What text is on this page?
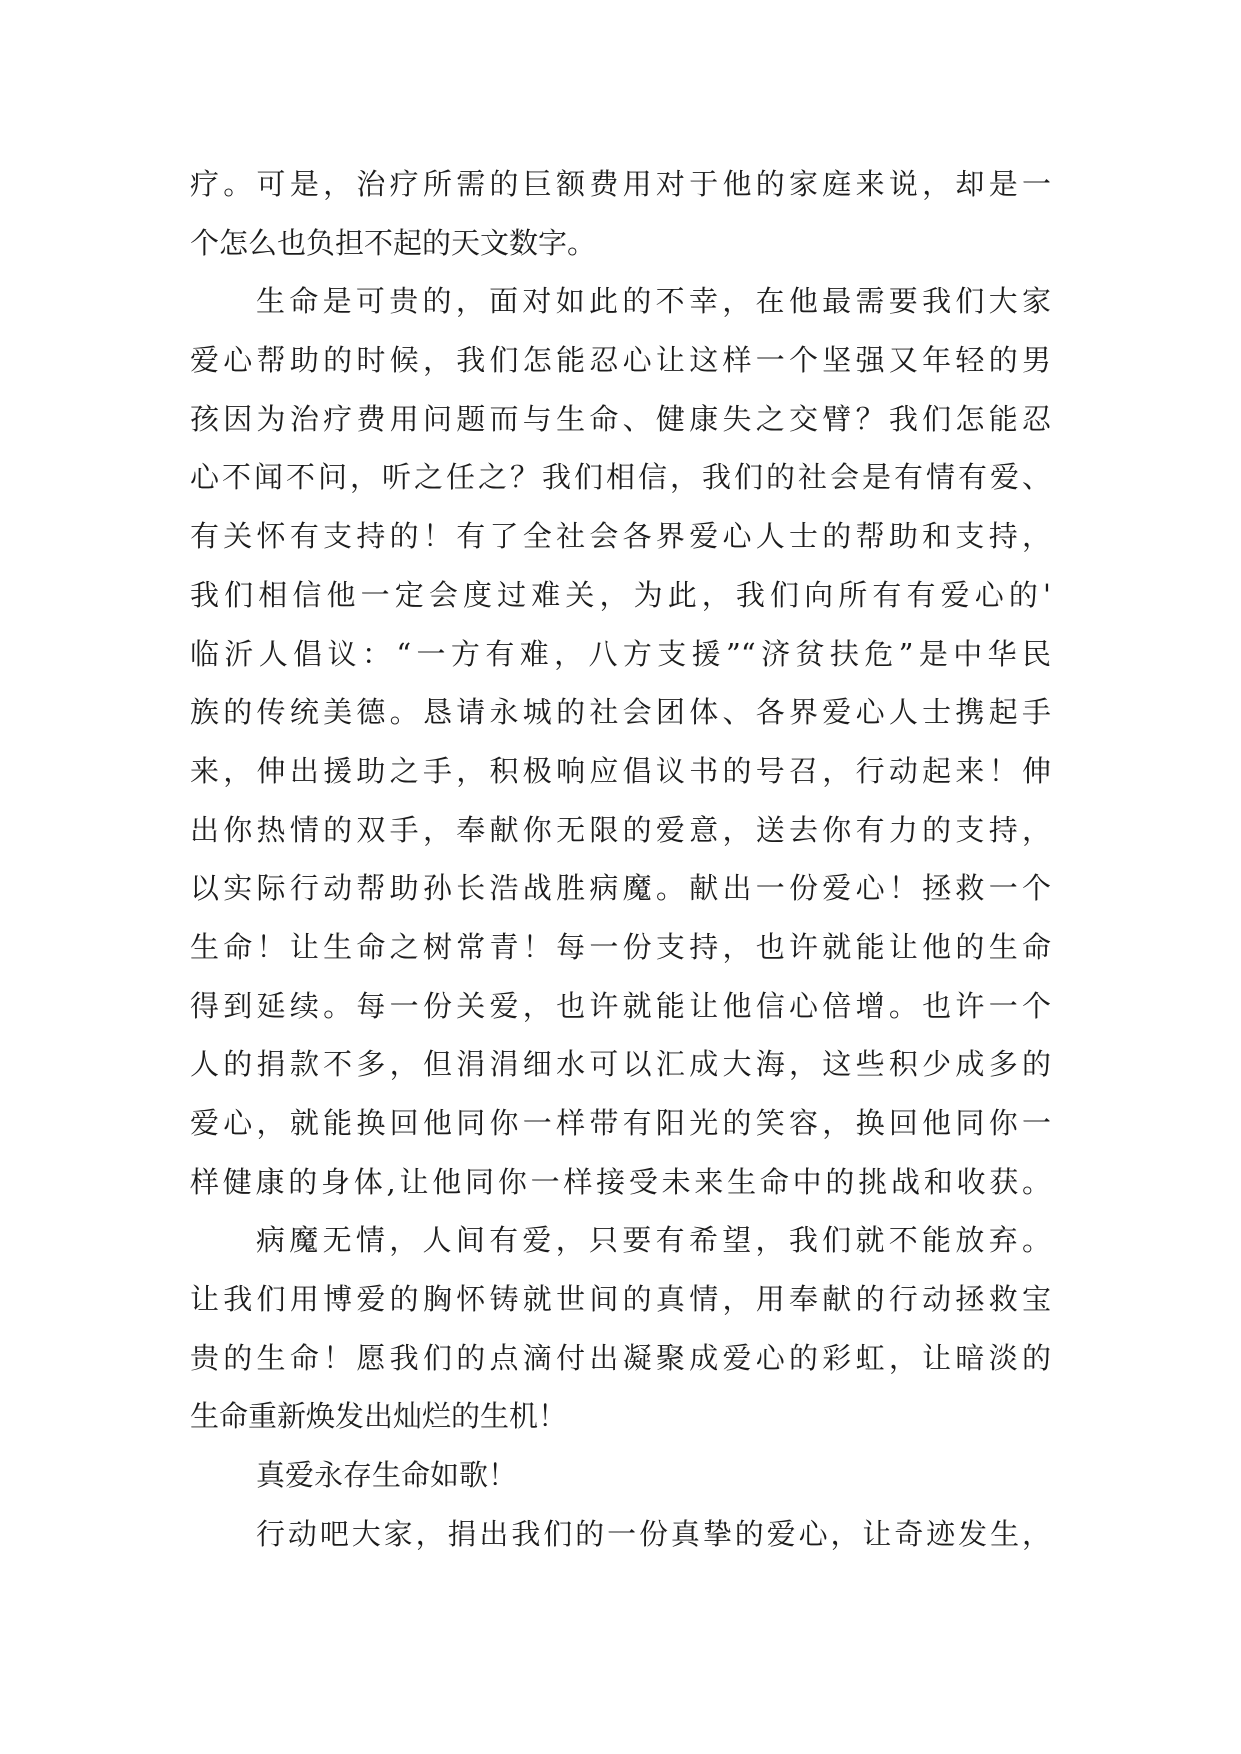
疗。可是，治疗所需的巨额费用对于他的家庭来说，却是一
个怎么也负担不起的天文数字。
生命是可贵的，面对如此的不幸，在他最需要我们大家
爱心帮助的时候，我们怎能忍心让这样一个坚强又年轻的男
孩因为治疗费用问题而与生命、健康失之交臂？我们怎能忍
心不闻不问，听之任之？我们相信，我们的社会是有情有爱、
有关怀有支持的！有了全社会各界爱心人士的帮助和支持，
我们相信他一定会度过难关，为此，我们向所有有爱心的'
临沂人倡议：“一方有难，八方支援”“济贫扶危”是中华民
族的传统美德。恳请永城的社会团体、各界爱心人士携起手
来，伸出援助之手，积极响应倡议书的号召，行动起来！伸
出你热情的双手，奉献你无限的爱意，送去你有力的支持，
以实际行动帮助孙长浩战胜病魔。献出一份爱心！拯救一个
生命！让生命之树常青！每一份支持，也许就能让他的生命
得到延续。每一份关爱，也许就能让他信心倍增。也许一个
人的捐款不多，但涓涓细水可以汇成大海，这些积少成多的
爱心，就能换回他同你一样带有阳光的笑容，换回他同你一
样健康的身体,让他同你一样接受未来生命中的挑战和收获。
病魔无情，人间有爱，只要有希望，我们就不能放弃。
让我们用博爱的胸怀铸就世间的真情，用奉献的行动拯救宝
贵的生命！愿我们的点滴付出凝聚成爱心的彩虹，让暗淡的
生命重新焕发出灿烂的生机！
真爱永存生命如歌！
行动吧大家，捐出我们的一份真挚的爱心，让奇迹发生，
